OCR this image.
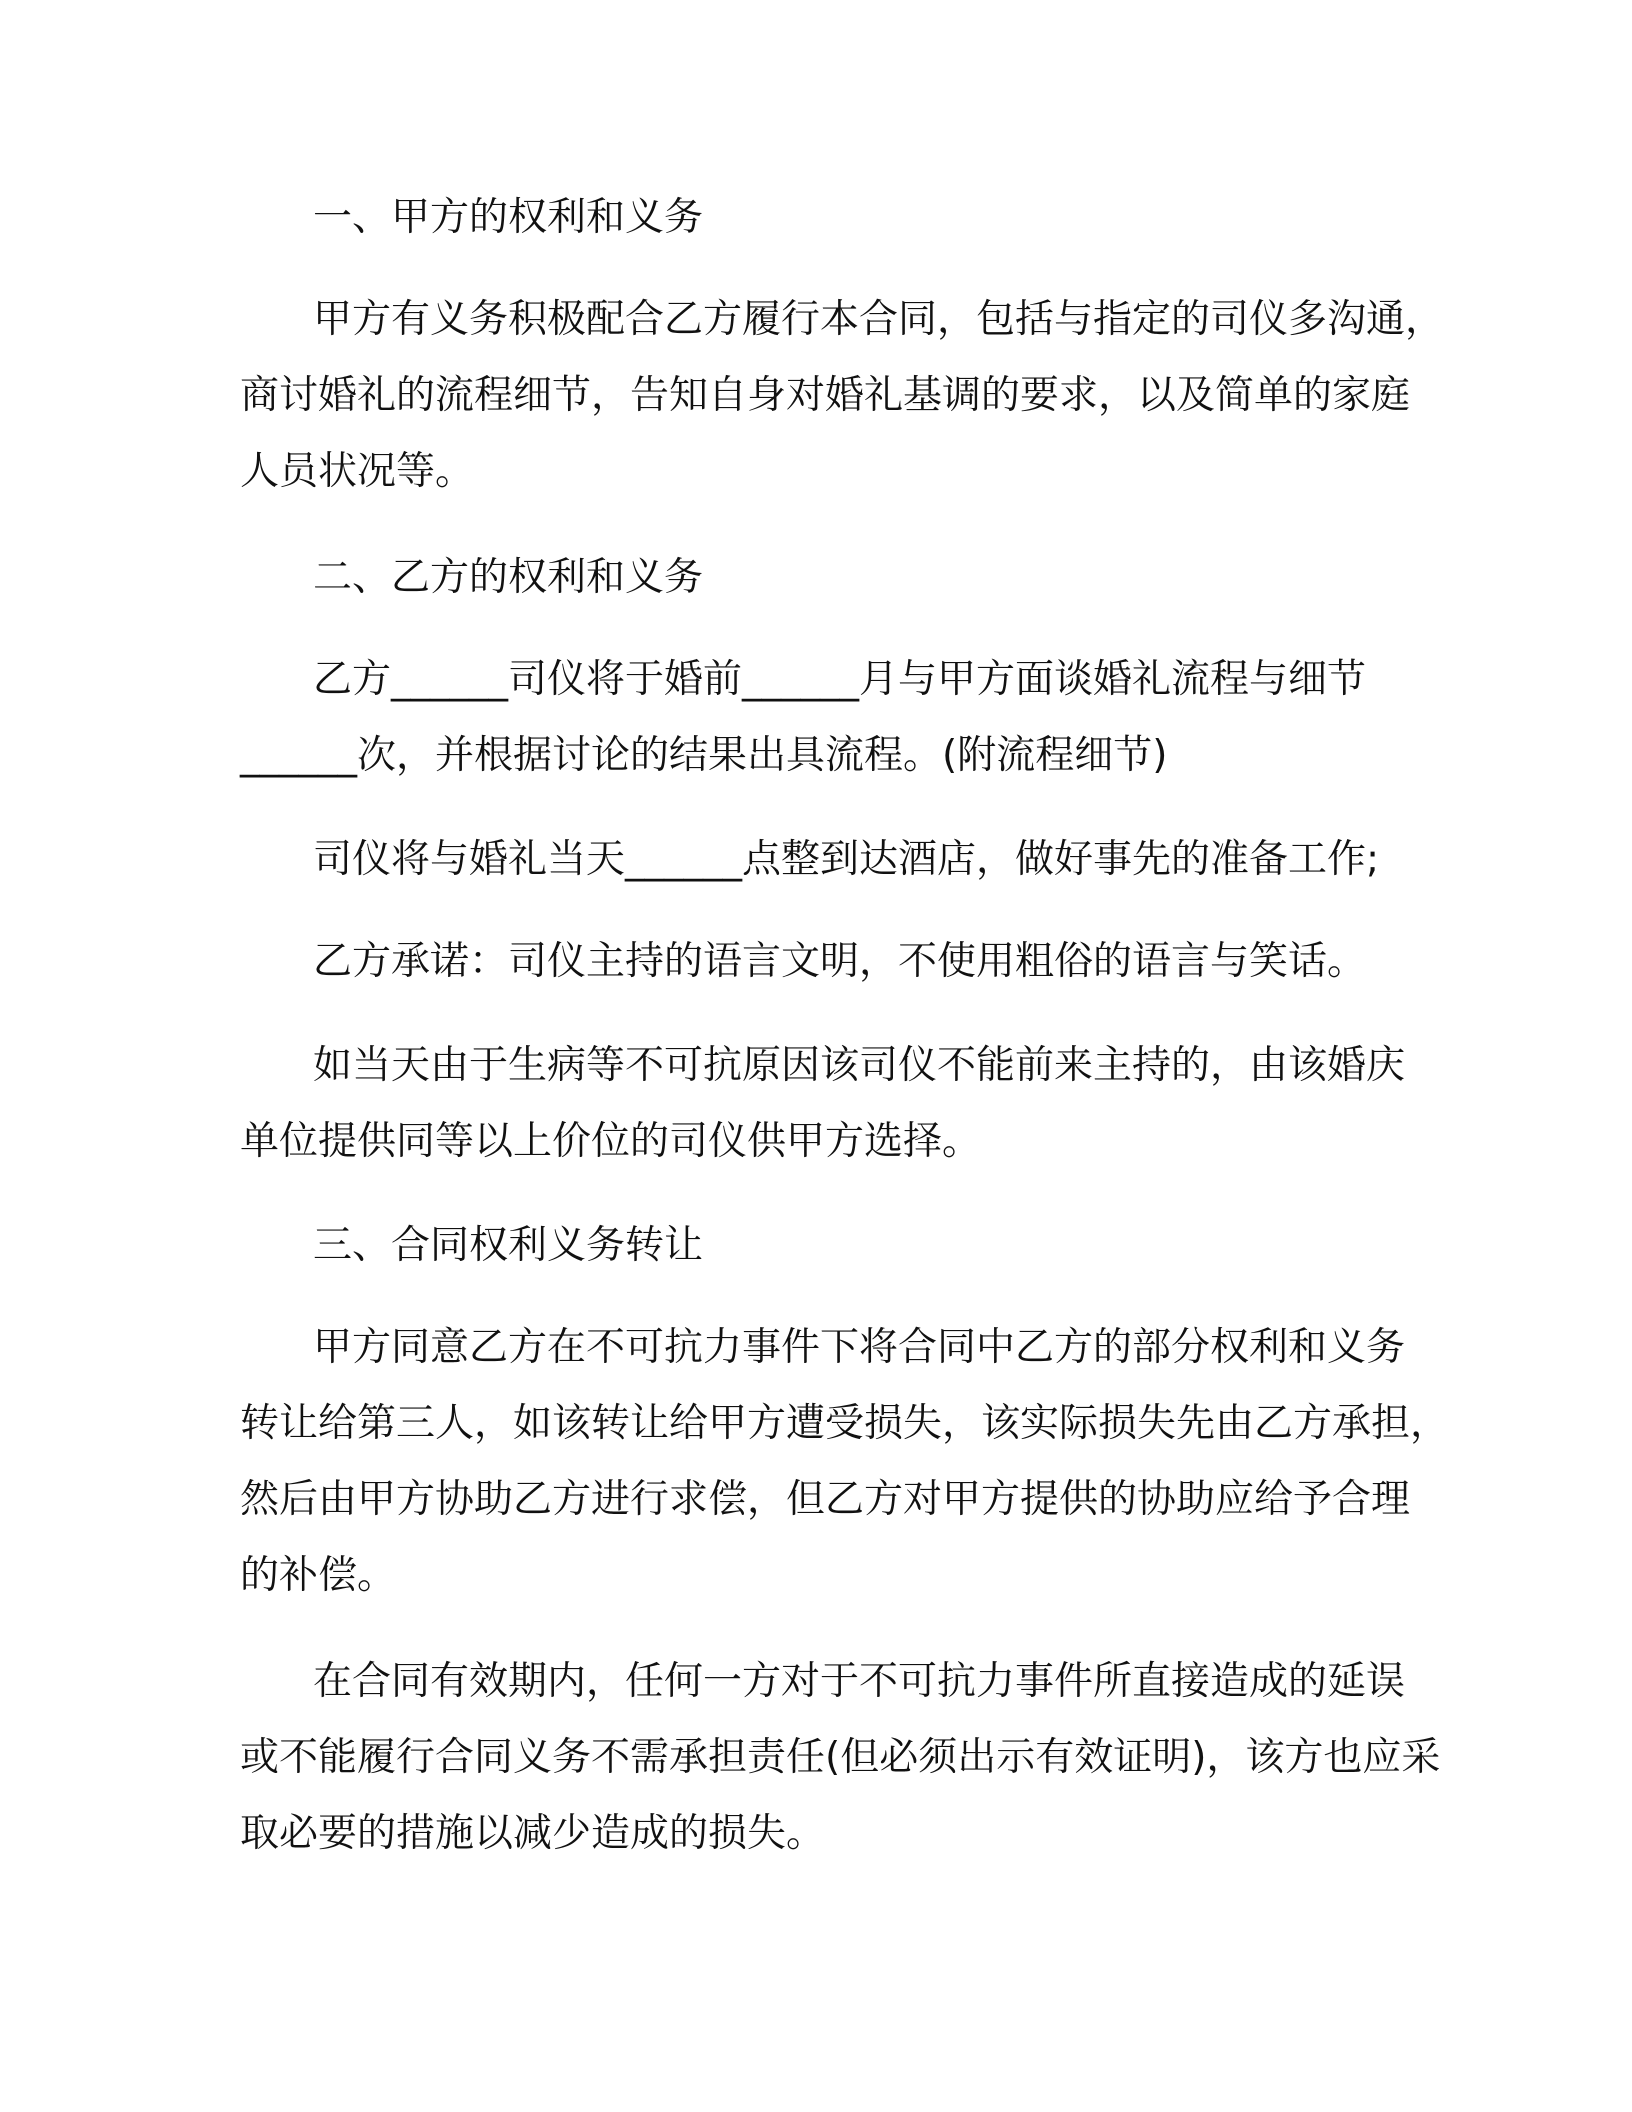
一、甲方的权利和义务

甲方有义务积极配合乙方履行本合同，包括与指定的司仪多沟通，

商讨婚礼的流程细节，告知自身对婚礼基调的要求，以及简单的家庭

人员状况等。

二、乙方的权利和义务

乙方______司仪将于婚前______月与甲方面谈婚礼流程与细节

______次，并根据讨论的结果出具流程。(附流程细节)

司仪将与婚礼当天______点整到达酒店，做好事先的准备工作;

乙方承诺：司仪主持的语言文明，不使用粗俗的语言与笑话。

如当天由于生病等不可抗原因该司仪不能前来主持的，由该婚庆

单位提供同等以上价位的司仪供甲方选择。

三、合同权利义务转让

甲方同意乙方在不可抗力事件下将合同中乙方的部分权利和义务

转让给第三人，如该转让给甲方遭受损失，该实际损失先由乙方承担，

然后由甲方协助乙方进行求偿，但乙方对甲方提供的协助应给予合理

的补偿。

在合同有效期内，任何一方对于不可抗力事件所直接造成的延误

或不能履行合同义务不需承担责任(但必须出示有效证明)，该方也应采

取必要的措施以减少造成的损失。
